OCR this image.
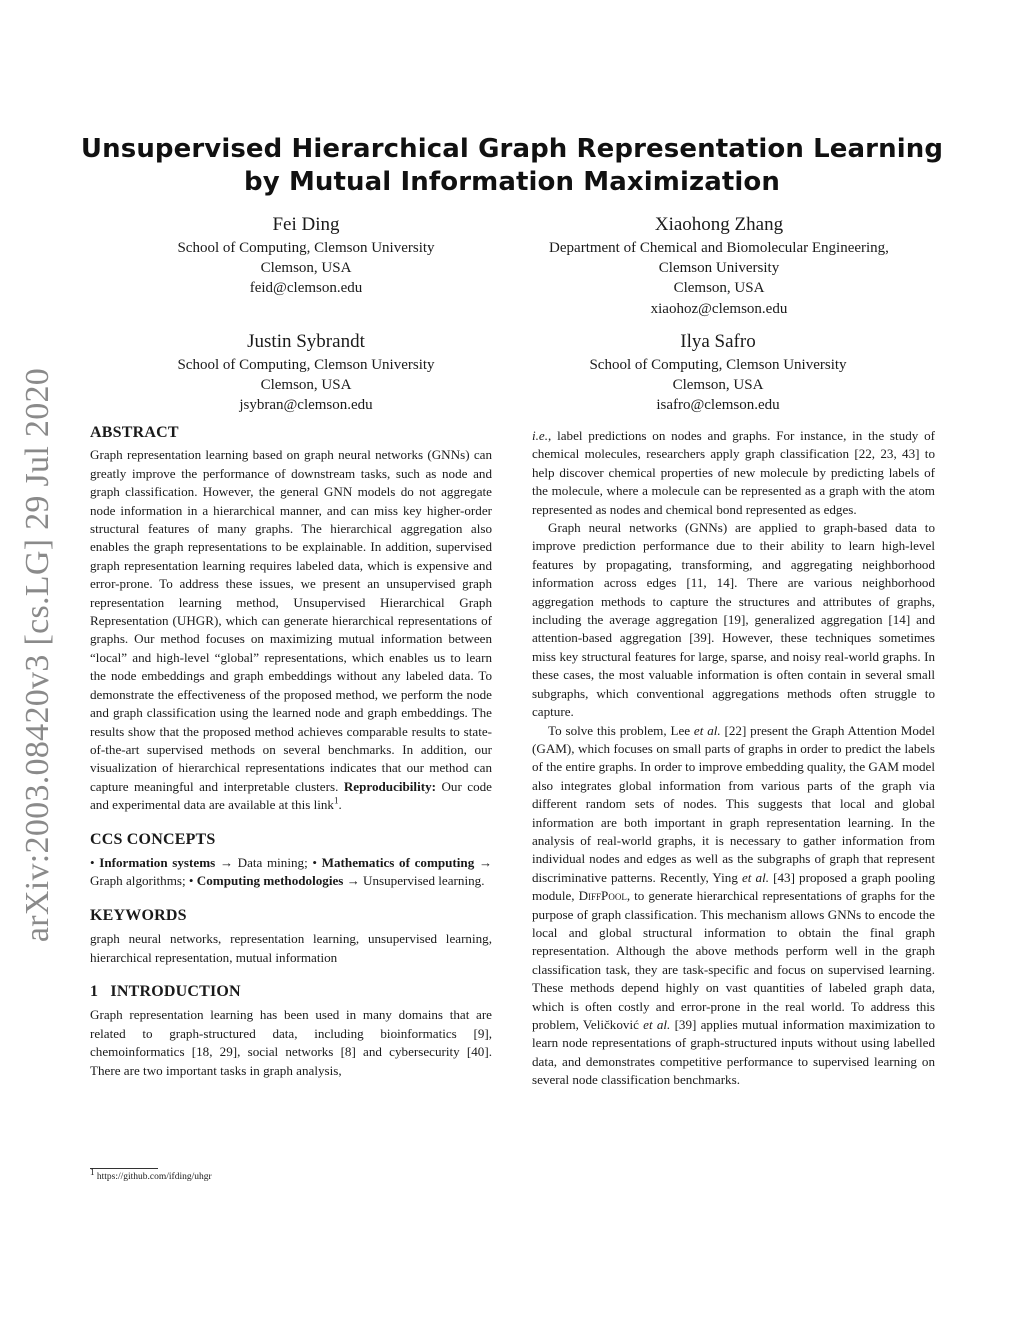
arXiv:2003.08420v3 [cs.LG] 29 Jul 2020
Unsupervised Hierarchical Graph Representation Learning by Mutual Information Maximization
Fei Ding
School of Computing, Clemson University
Clemson, USA
feid@clemson.edu
Xiaohong Zhang
Department of Chemical and Biomolecular Engineering,
Clemson University
Clemson, USA
xiaohoz@clemson.edu
Justin Sybrandt
School of Computing, Clemson University
Clemson, USA
jsybran@clemson.edu
Ilya Safro
School of Computing, Clemson University
Clemson, USA
isafro@clemson.edu
ABSTRACT

Graph representation learning based on graph neural networks (GNNs) can greatly improve the performance of downstream tasks, such as node and graph classification. However, the general GNN models do not aggregate node information in a hierarchical manner, and can miss key higher-order structural features of many graphs. The hierarchical aggregation also enables the graph representations to be explainable. In addition, supervised graph representation learning requires labeled data, which is expensive and error-prone. To address these issues, we present an unsupervised graph representation learning method, Unsupervised Hierarchical Graph Representation (UHGR), which can generate hierarchical representations of graphs. Our method focuses on maximizing mutual information between “local” and high-level “global” representations, which enables us to learn the node embeddings and graph embeddings without any labeled data. To demonstrate the effectiveness of the proposed method, we perform the node and graph classification using the learned node and graph embeddings. The results show that the proposed method achieves comparable results to state-of-the-art supervised methods on several benchmarks. In addition, our visualization of hierarchical representations indicates that our method can capture meaningful and interpretable clusters. Reproducibility: Our code and experimental data are available at this link$^1$.

CCS CONCEPTS

• Information systems → Data mining; • Mathematics of computing → Graph algorithms; • Computing methodologies → Unsupervised learning.

KEYWORDS

graph neural networks, representation learning, unsupervised learning, hierarchical representation, mutual information

1 INTRODUCTION

Graph representation learning has been used in many domains that are related to graph-structured data, including bioinformatics [9], chemoinformatics [18, 29], social networks [8] and cybersecurity [40]. There are two important tasks in graph analysis,

i.e., label predictions on nodes and graphs. For instance, in the study of chemical molecules, researchers apply graph classification [22, 23, 43] to help discover chemical properties of new molecule by predicting labels of the molecule, where a molecule can be represented as a graph with the atom represented as nodes and chemical bond represented as edges.

Graph neural networks (GNNs) are applied to graph-based data to improve prediction performance due to their ability to learn high-level features by propagating, transforming, and aggregating neighborhood information across edges [11, 14]. There are various neighborhood aggregation methods to capture the structures and attributes of graphs, including the average aggregation [19], generalized aggregation [14] and attention-based aggregation [39]. However, these techniques sometimes miss key structural features for large, sparse, and noisy real-world graphs. In these cases, the most valuable information is often contain in several small subgraphs, which conventional aggregations methods often struggle to capture.

To solve this problem, Lee et al. [22] present the Graph Attention Model (GAM), which focuses on small parts of graphs in order to predict the labels of the entire graphs. In order to improve embedding quality, the GAM model also integrates global information from various parts of the graph via different random sets of nodes. This suggests that local and global information are both important in graph representation learning. In the analysis of real-world graphs, it is necessary to gather information from individual nodes and edges as well as the subgraphs of graph that represent discriminative patterns. Recently, Ying et al. [43] proposed a graph pooling module, DiffPool, to generate hierarchical representations of graphs for the purpose of graph classification. This mechanism allows GNNs to encode the local and global structural information to obtain the final graph representation. Although the above methods perform well in the graph classification task, they are task-specific and focus on supervised learning. These methods depend highly on vast quantities of labeled graph data, which is often costly and error-prone in the real world. To address this problem, Veličković et al. [39] applies mutual information maximization to learn node representations of graph-structured inputs without using labelled data, and demonstrates competitive performance to supervised learning on several node classification benchmarks.

$^1$ https://github.com/ifding/uhgr
